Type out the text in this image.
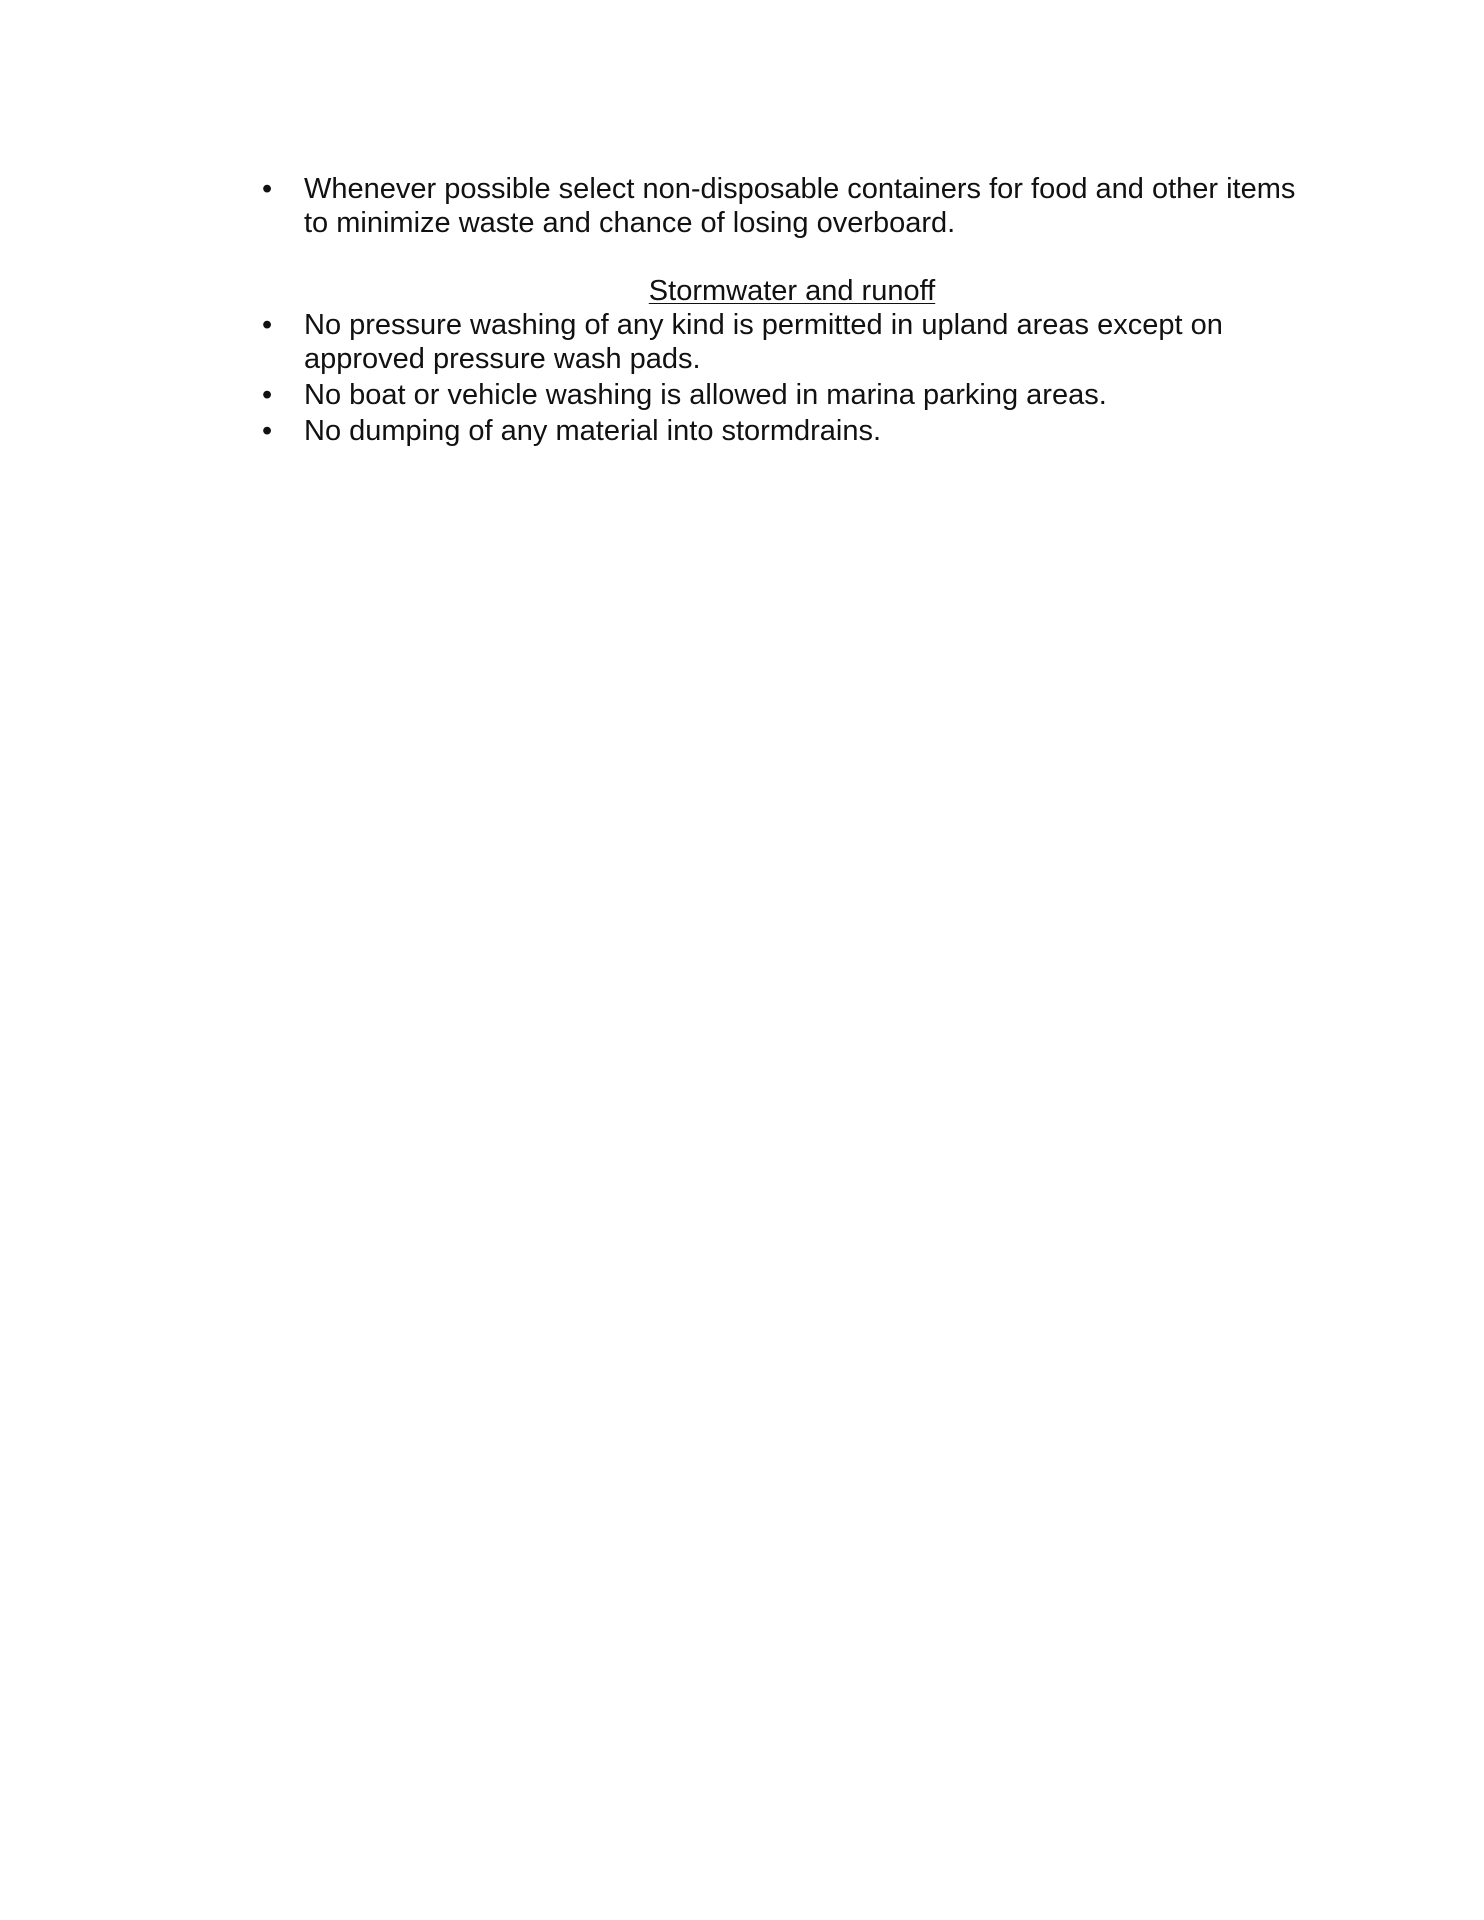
•	Whenever possible select non-disposable containers for food and other items to minimize waste and chance of losing overboard.
Stormwater and runoff
•	No pressure washing of any kind is permitted in upland areas except on approved pressure wash pads.
•	No boat or vehicle washing is allowed in marina parking areas.
•	No dumping of any material into stormdrains.
